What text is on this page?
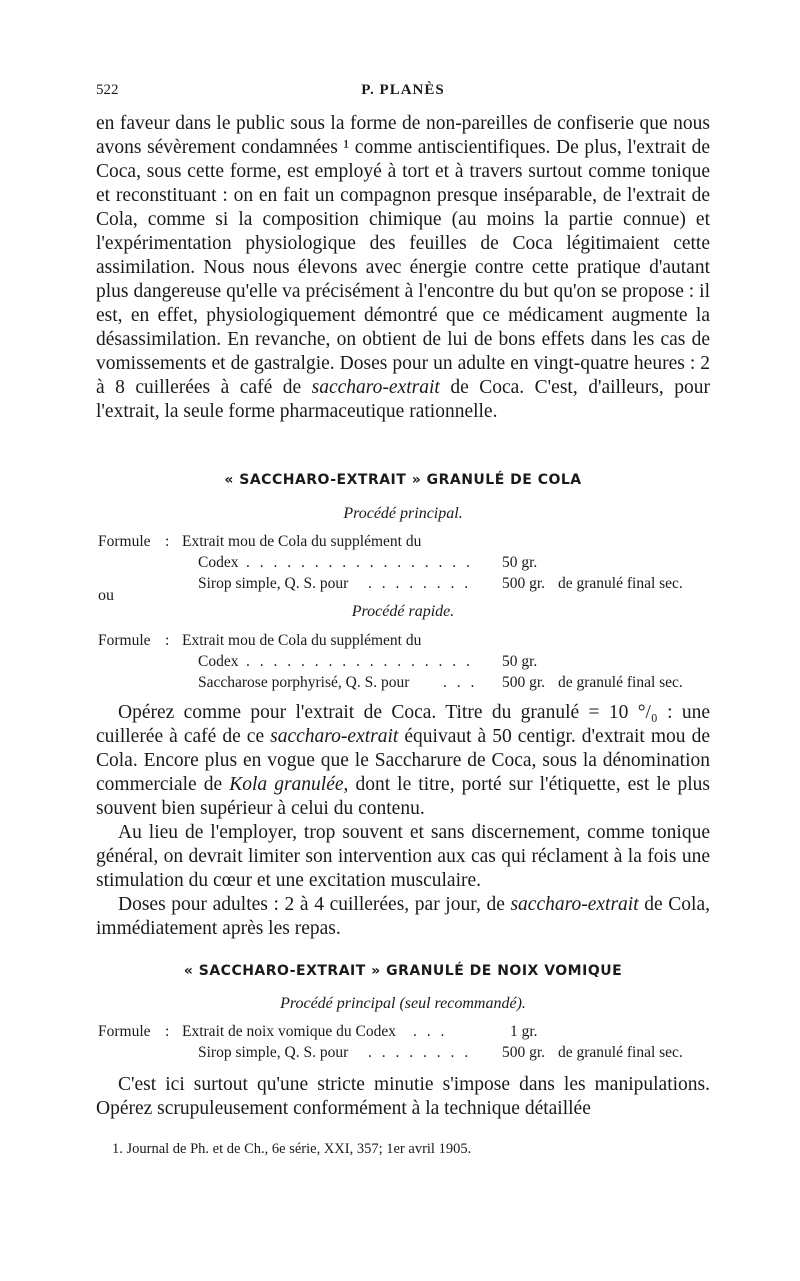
522	P. PLANÈS

en faveur dans le public sous la forme de non-pareilles de confiserie que nous avons sévèrement condamnées ¹ comme antiscientifiques. De plus, l'extrait de Coca, sous cette forme, est employé à tort et à travers surtout comme tonique et reconstituant : on en fait un compagnon presque inséparable, de l'extrait de Cola, comme si la composition chimique (au moins la partie connue) et l'expérimentation physiologique des feuilles de Coca légitimaient cette assimilation. Nous nous élevons avec énergie contre cette pratique d'autant plus dangereuse qu'elle va précisément à l'encontre du but qu'on se propose : il est, en effet, physiologiquement démontré que ce médicament augmente la désassimilation. En revanche, on obtient de lui de bons effets dans les cas de vomissements et de gastralgie. Doses pour un adulte en vingt-quatre heures : 2 à 8 cuillerées à café de saccharo-extrait de Coca. C'est, d'ailleurs, pour l'extrait, la seule forme pharmaceutique rationnelle.

« SACCHARO-EXTRAIT » GRANULÉ DE COLA
Procédé principal.
Formule : Extrait mou de Cola du supplément du
Codex . . . . . . . . . . . . . . . . . 50 gr.
Sirop simple, Q. S. pour . . . . . . . . 500 gr. de granulé final sec.
ou
Procédé rapide.
Formule : Extrait mou de Cola du supplément du
Codex . . . . . . . . . . . . . . . . . 50 gr.
Saccharose porphyrisé, Q. S. pour . . . 500 gr. de granulé final sec.

Opérez comme pour l'extrait de Coca. Titre du granulé = 10 °/₀ : une cuillerée à café de ce saccharo-extrait équivaut à 50 centigr. d'extrait mou de Cola. Encore plus en vogue que le Saccharure de Coca, sous la dénomination commerciale de Kola granulée, dont le titre, porté sur l'étiquette, est le plus souvent bien supérieur à celui du contenu.

Au lieu de l'employer, trop souvent et sans discernement, comme tonique général, on devrait limiter son intervention aux cas qui réclament à la fois une stimulation du cœur et une excitation musculaire.

Doses pour adultes : 2 à 4 cuillerées, par jour, de saccharo-extrait de Cola, immédiatement après les repas.

« SACCHARO-EXTRAIT » GRANULÉ DE NOIX VOMIQUE
Procédé principal (seul recommandé).
Formule : Extrait de noix vomique du Codex . . .	1 gr.
Sirop simple, Q. S. pour . . . . . . . . 500 gr. de granulé final sec.

C'est ici surtout qu'une stricte minutie s'impose dans les manipulations. Opérez scrupuleusement conformément à la technique détaillée

1. Journal de Ph. et de Ch., 6e série, XXI, 357; 1er avril 1905.
